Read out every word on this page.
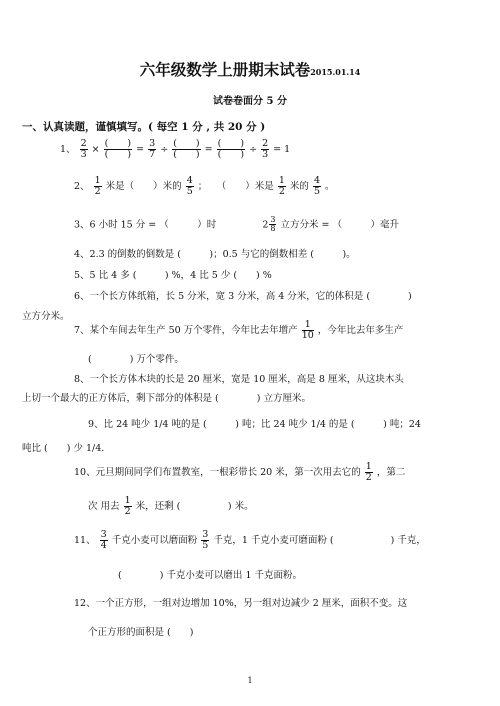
六年级数学上册期末试卷2015.01.14
试卷卷面分 5 分
一、认真读题，谨慎填写。( 每空 1 分 , 共 20 分 )
1、 $\frac{2}{3} \times \frac{( )}{( )} = \frac{3}{7} \div \frac{( )}{( )} = \frac{( )}{( )} \div \frac{2}{3} = 1$
2、 $\frac{1}{2}$ 米是（　　）米的 $\frac{4}{5}$ ；　　（　　）米是 $\frac{1}{2}$ 米的 $\frac{4}{5}$ 。
3、6 小时 15 分 = （　　　）时	$2 \frac{3}{8}$ 立方分米 = （　　　）毫升
4、2.3 的倒数的倒数是 (　　　)；0.5 与它的倒数相差 (　　　)。
5、5 比 4 多 (　　　) %，4 比 5 少 (　　) %
6、一个长方体纸箱，长 5 分米，宽 3 分米，高 4 分米，它的体积是 (　　　　)
立方分米。
7、某个车间去年生产 50 万个零件，今年比去年增产 $\frac{1}{10}$ ，今年比去年多生产
(　　　　) 万个零件。
8、一个长方体木块的长是 20 厘米，宽是 10 厘米，高是 8 厘米，从这块木头
上切一个最大的正方体后，剩下部分的体积是 (　　　　) 立方厘米。
9、比 24 吨少 1/4 吨的是 (　　　) 吨；比 24 吨少 1/4 的是 (　　　) 吨；24
吨比 (　　) 少 1/4.
10、元旦期间同学们布置教室，一根彩带长 20 米，第一次用去它的 $\frac{1}{2}$ ，第二
次 用去 $\frac{1}{2}$ 米，还剩 (　　　　　) 米。
11、 $\frac{3}{4}$ 千克小麦可以磨面粉 $\frac{3}{5}$ 千克，1 千克小麦可磨面粉 (　　　　　　) 千克，
(　　　　) 千克小麦可以磨出 1 千克面粉。
12、一个正方形，一组对边增加 10%，另一组对边减少 2 厘米，面积不变。这
个正方形的面积是 (　　)
1
